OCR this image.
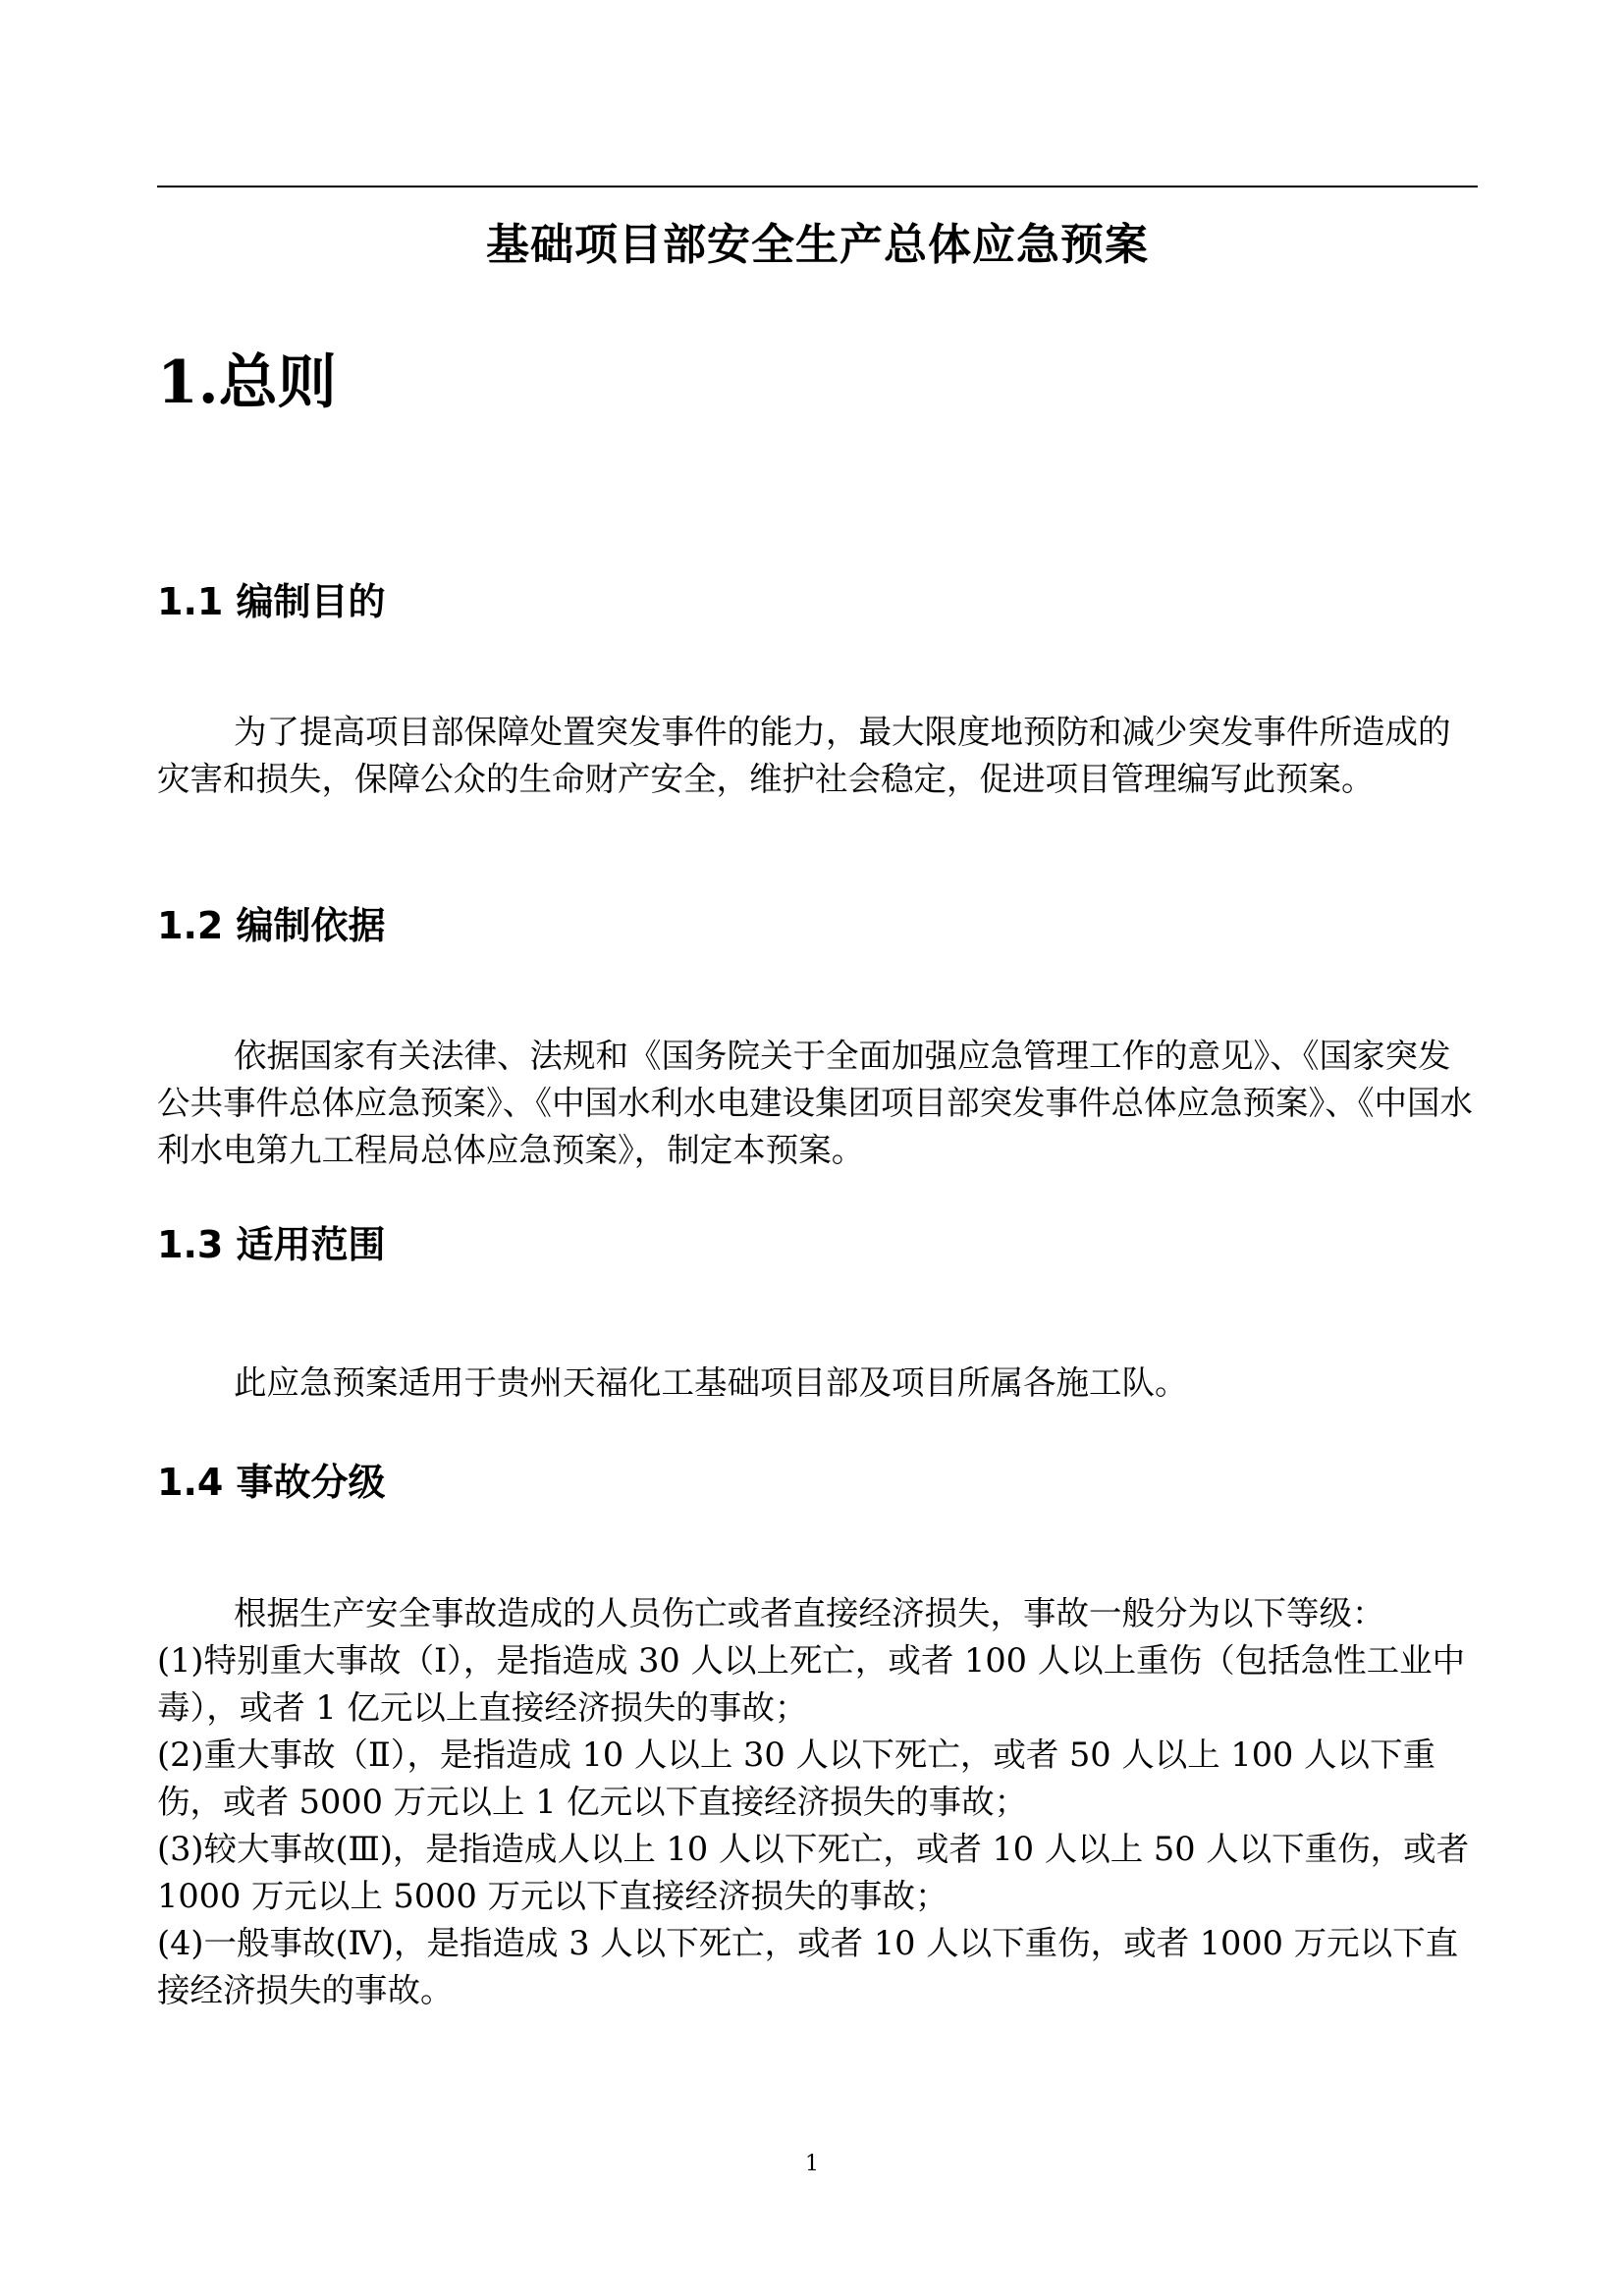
基础项目部安全生产总体应急预案
1.总则
1.1 编制目的

为了提高项目部保障处置突发事件的能力，最大限度地预防和减少突发事件所造成的灾害和损失，保障公众的生命财产安全，维护社会稳定，促进项目管理编写此预案。

1.2 编制依据

依据国家有关法律、法规和《国务院关于全面加强应急管理工作的意见》、《国家突发公共事件总体应急预案》、《中国水利水电建设集团项目部突发事件总体应急预案》、《中国水利水电第九工程局总体应急预案》，制定本预案。

1.3 适用范围

此应急预案适用于贵州天福化工基础项目部及项目所属各施工队。

1.4 事故分级

根据生产安全事故造成的人员伤亡或者直接经济损失，事故一般分为以下等级：

(1)特别重大事故（Ⅰ），是指造成 30 人以上死亡，或者 100 人以上重伤（包括急性工业中毒），或者 1 亿元以上直接经济损失的事故；

(2)重大事故（Ⅱ），是指造成 10 人以上 30 人以下死亡，或者 50 人以上 100 人以下重伤，或者 5000 万元以上 1 亿元以下直接经济损失的事故；

(3)较大事故(Ⅲ)，是指造成人以上 10 人以下死亡，或者 10 人以上 50 人以下重伤，或者 1000 万元以上 5000 万元以下直接经济损失的事故；

(4)一般事故(Ⅳ)，是指造成 3 人以下死亡，或者 10 人以下重伤，或者 1000 万元以下直接经济损失的事故。

1
